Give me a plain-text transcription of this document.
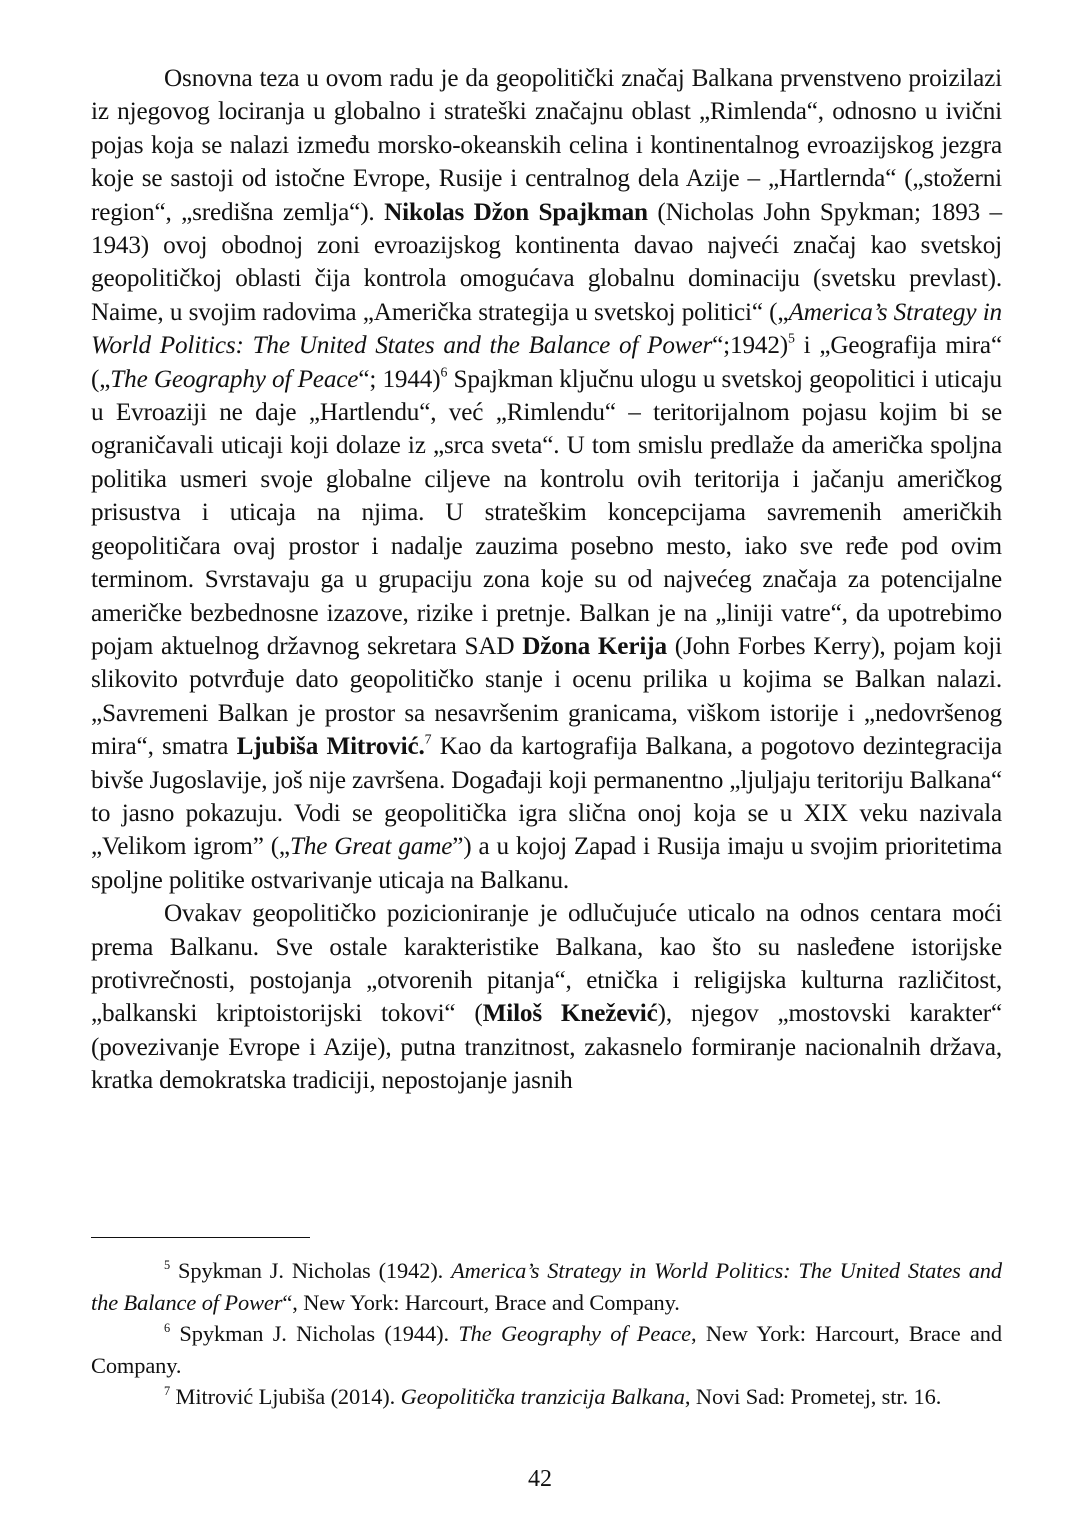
Osnovna teza u ovom radu je da geopolitički značaj Balkana prvenstveno proizilazi iz njegovog lociranja u globalno i strateški značajnu oblast „Rimlenda“, odnosno u ivični pojas koja se nalazi između morsko-okeanskih celina i kontinentalnog evroazijskog jezgra koje se sastoji od istočne Evrope, Rusije i centralnog dela Azije – „Hartlernda“ („stožerni region“, „središna zemlja“). Nikolas Džon Spajkman (Nicholas John Spykman; 1893 – 1943) ovoj obodnoj zoni evroazijskog kontinenta davao najveći značaj kao svetskoj geopolitičkoj oblasti čija kontrola omogućava globalnu dominaciju (svetsku prevlast). Naime, u svojim radovima „Američka strategija u svetskoj politici“ („America’s Strategy in World Politics: The United States and the Balance of Power“;1942)$^5$ i „Geografija mira“ („The Geography of Peace“; 1944)$^6$ Spajkman ključnu ulogu u svetskoj geopolitici i uticaju u Evroaziji ne daje „Hartlendu“, već „Rimlendu“ – teritorijalnom pojasu kojim bi se ograničavali uticaji koji dolaze iz „srca sveta“. U tom smislu predlaže da američka spoljna politika usmeri svoje globalne ciljeve na kontrolu ovih teritorija i jačanju američkog prisustva i uticaja na njima. U strateškim koncepcijama savremenih američkih geopolitičara ovaj prostor i nadalje zauzima posebno mesto, iako sve ređe pod ovim terminom. Svrstavaju ga u grupaciju zona koje su od najvećeg značaja za potencijalne američke bezbednosne izazove, rizike i pretnje. Balkan je na „liniji vatre“, da upotrebimo pojam aktuelnog državnog sekretara SAD Džona Kerija (John Forbes Kerry), pojam koji slikovito potvrđuje dato geopolitičko stanje i ocenu prilika u kojima se Balkan nalazi. „Savremeni Balkan je prostor sa nesavršenim granicama, viškom istorije i „nedovršenog mira“, smatra Ljubiša Mitrović.$^7$ Kao da kartografija Balkana, a pogotovo dezintegracija bivše Jugoslavije, još nije završena. Događaji koji permanentno „ljuljaju teritoriju Balkana“ to jasno pokazuju. Vodi se geopolitička igra slična onoj koja se u XIX veku nazivala „Velikom igrom” („The Great game”) a u kojoj Zapad i Rusija imaju u svojim prioritetima spoljne politike ostvarivanje uticaja na Balkanu.

Ovakav geopolitičko pozicioniranje je odlučujuće uticalo na odnos centara moći prema Balkanu. Sve ostale karakteristike Balkana, kao što su nasleđene istorijske protivrečnosti, postojanja „otvorenih pitanja“, etnička i religijska kulturna različitost, „balkanski kriptoistorijski tokovi“ (Miloš Knežević), njegov „mostovski karakter“ (povezivanje Evrope i Azije), putna tranzitnost, zakasnelo formiranje nacionalnih država, kratka demokratska tradiciji, nepostojanje jasnih

$^5$ Spykman J. Nicholas (1942). America’s Strategy in World Politics: The United States and the Balance of Power“, New York: Harcourt, Brace and Company.

$^6$ Spykman J. Nicholas (1944). The Geography of Peace, New York: Harcourt, Brace and Company.

$^7$ Mitrović Ljubiša (2014). Geopolitička tranzicija Balkana, Novi Sad: Prometej, str. 16.

42
